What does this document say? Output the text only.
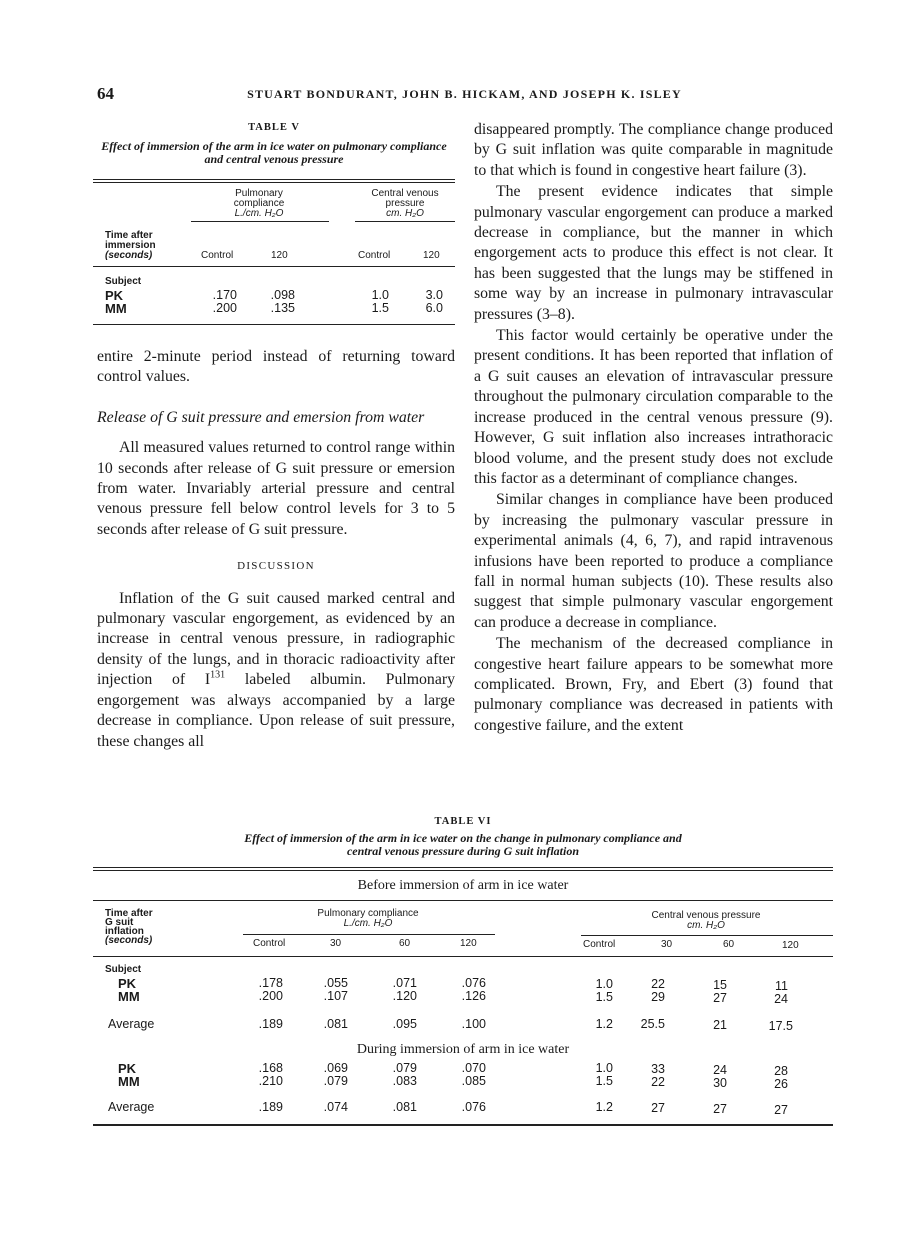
64	STUART BONDURANT, JOHN B. HICKAM, AND JOSEPH K. ISLEY
TABLE V
Effect of immersion of the arm in ice water on pulmonary compliance and central venous pressure
Pulmonary
compliance
L./cm. H₂O
Central venous
pressure
cm. H₂O
Time after
immersion
(seconds)	Control	120	Control	120
Subject
PK	.170	.098	1.0	3.0
MM	.200	.135	1.5	6.0

entire 2-minute period instead of returning toward control values.

Release of G suit pressure and emersion from water

All measured values returned to control range within 10 seconds after release of G suit pressure or emersion from water. Invariably arterial pressure and central venous pressure fell below control levels for 3 to 5 seconds after release of G suit pressure.

DISCUSSION

Inflation of the G suit caused marked central and pulmonary vascular engorgement, as evidenced by an increase in central venous pressure, in radiographic density of the lungs, and in thoracic radioactivity after injection of $I^{131}$ labeled albumin. Pulmonary engorgement was always accompanied by a large decrease in compliance. Upon release of suit pressure, these changes all

disappeared promptly. The compliance change produced by G suit inflation was quite comparable in magnitude to that which is found in congestive heart failure (3).

The present evidence indicates that simple pulmonary vascular engorgement can produce a marked decrease in compliance, but the manner in which engorgement acts to produce this effect is not clear. It has been suggested that the lungs may be stiffened in some way by an increase in pulmonary intravascular pressures (3–8).

This factor would certainly be operative under the present conditions. It has been reported that inflation of a G suit causes an elevation of intravascular pressure throughout the pulmonary circulation comparable to the increase produced in the central venous pressure (9). However, G suit inflation also increases intrathoracic blood volume, and the present study does not exclude this factor as a determinant of compliance changes.

Similar changes in compliance have been produced by increasing the pulmonary vascular pressure in experimental animals (4, 6, 7), and rapid intravenous infusions have been reported to produce a compliance fall in normal human subjects (10). These results also suggest that simple pulmonary vascular engorgement can produce a decrease in compliance.

The mechanism of the decreased compliance in congestive heart failure appears to be somewhat more complicated. Brown, Fry, and Ebert (3) found that pulmonary compliance was decreased in patients with congestive failure, and the extent

TABLE VI
Effect of immersion of the arm in ice water on the change in pulmonary compliance and
central venous pressure during G suit inflation
Before immersion of arm in ice water
Time after
G suit
inflation
(seconds)
Pulmonary compliance
L./cm. H₂O
Central venous pressure
cm. H₂O
Control	30	60	120	Control	30	60	120
Subject
PK	.178	.055	.071	.076	1.0	22	15	11
MM	.200	.107	.120	.126	1.5	29	27	24
Average	.189	.081	.095	.100	1.2	25.5	21	17.5
During immersion of arm in ice water
PK	.168	.069	.079	.070	1.0	33	24	28
MM	.210	.079	.083	.085	1.5	22	30	26
Average	.189	.074	.081	.076	1.2	27	27	27
